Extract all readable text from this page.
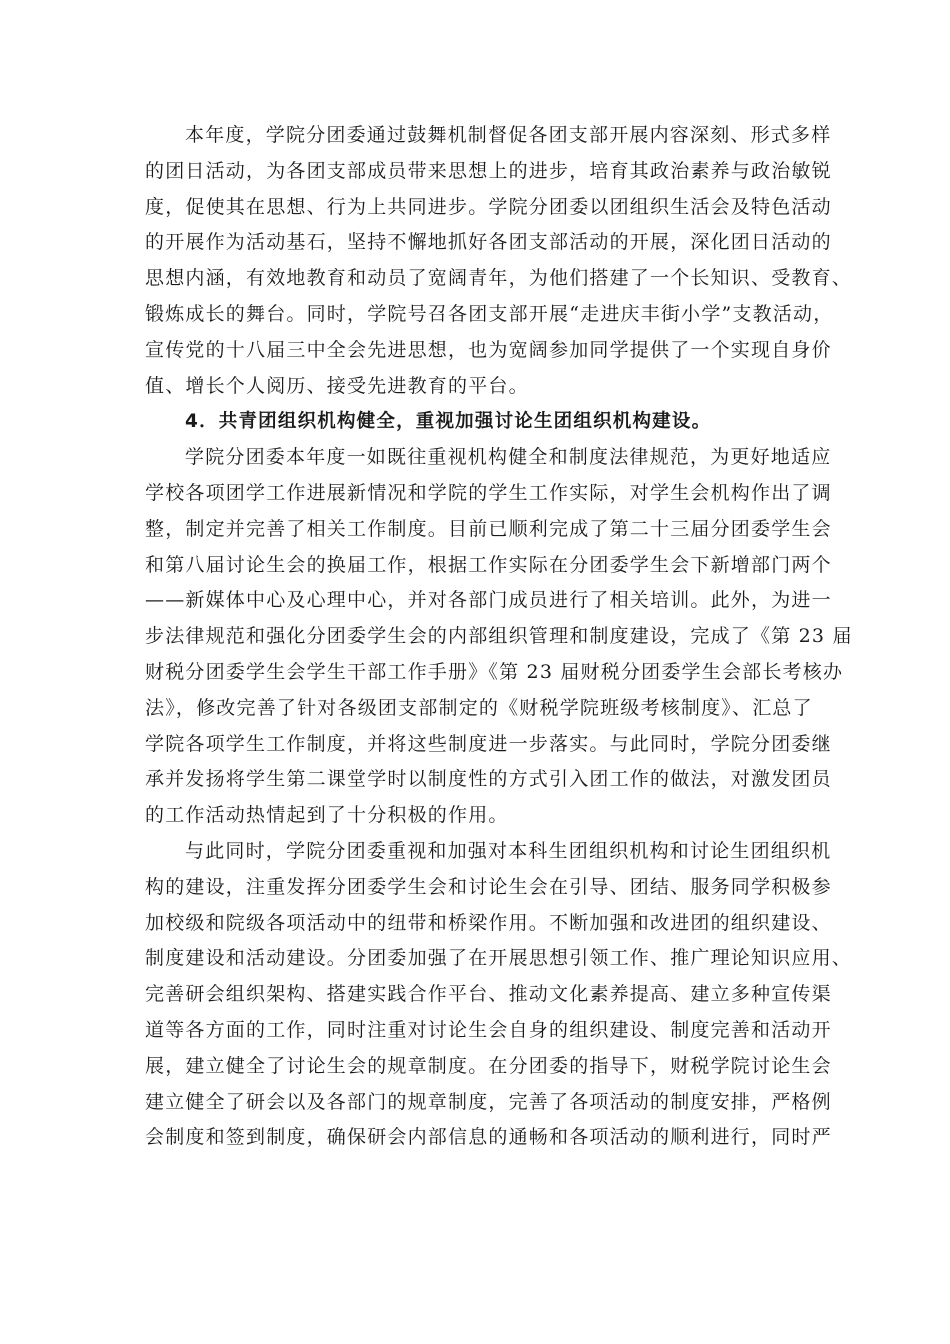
本年度，学院分团委通过鼓舞机制督促各团支部开展内容深刻、形式多样
的团日活动，为各团支部成员带来思想上的进步，培育其政治素养与政治敏锐
度，促使其在思想、行为上共同进步。学院分团委以团组织生活会及特色活动
的开展作为活动基石，坚持不懈地抓好各团支部活动的开展，深化团日活动的
思想内涵，有效地教育和动员了宽阔青年，为他们搭建了一个长知识、受教育、
锻炼成长的舞台。同时，学院号召各团支部开展“走进庆丰街小学”支教活动，
宣传党的十八届三中全会先进思想，也为宽阔参加同学提供了一个实现自身价
值、增长个人阅历、接受先进教育的平台。
4．共青团组织机构健全，重视加强讨论生团组织机构建设。
学院分团委本年度一如既往重视机构健全和制度法律规范，为更好地适应
学校各项团学工作进展新情况和学院的学生工作实际，对学生会机构作出了调
整，制定并完善了相关工作制度。目前已顺利完成了第二十三届分团委学生会
和第八届讨论生会的换届工作，根据工作实际在分团委学生会下新增部门两个
——新媒体中心及心理中心，并对各部门成员进行了相关培训。此外，为进一
步法律规范和强化分团委学生会的内部组织管理和制度建设，完成了《第 23 届
财税分团委学生会学生干部工作手册》《第 23 届财税分团委学生会部长考核办
法》，修改完善了针对各级团支部制定的《财税学院班级考核制度》、汇总了
学院各项学生工作制度，并将这些制度进一步落实。与此同时，学院分团委继
承并发扬将学生第二课堂学时以制度性的方式引入团工作的做法，对激发团员
的工作活动热情起到了十分积极的作用。
与此同时，学院分团委重视和加强对本科生团组织机构和讨论生团组织机
构的建设，注重发挥分团委学生会和讨论生会在引导、团结、服务同学积极参
加校级和院级各项活动中的纽带和桥梁作用。不断加强和改进团的组织建设、
制度建设和活动建设。分团委加强了在开展思想引领工作、推广理论知识应用、
完善研会组织架构、搭建实践合作平台、推动文化素养提高、建立多种宣传渠
道等各方面的工作，同时注重对讨论生会自身的组织建设、制度完善和活动开
展，建立健全了讨论生会的规章制度。在分团委的指导下，财税学院讨论生会
建立健全了研会以及各部门的规章制度，完善了各项活动的制度安排，严格例
会制度和签到制度，确保研会内部信息的通畅和各项活动的顺利进行，同时严
